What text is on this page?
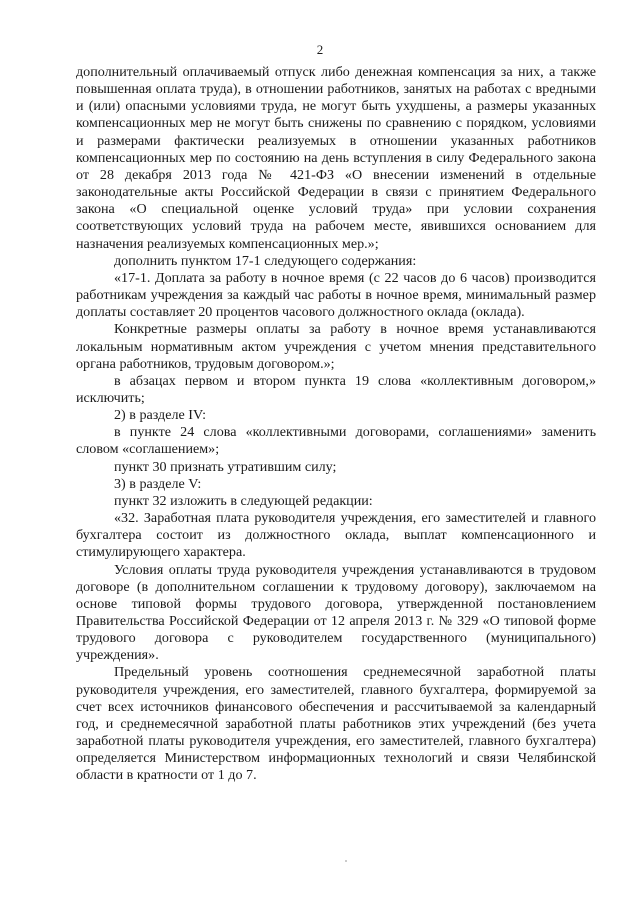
2

дополнительный оплачиваемый отпуск либо денежная компенсация за них, а также повышенная оплата труда), в отношении работников, занятых на работах с вредными и (или) опасными условиями труда, не могут быть ухудшены, а размеры указанных компенсационных мер не могут быть снижены по сравнению с порядком, условиями и размерами фактически реализуемых в отношении указанных работников компенсационных мер по состоянию на день вступления в силу Федерального закона от 28 декабря 2013 года № 421-ФЗ «О внесении изменений в отдельные законодательные акты Российской Федерации в связи с принятием Федерального закона «О специальной оценке условий труда» при условии сохранения соответствующих условий труда на рабочем месте, явившихся основанием для назначения реализуемых компенсационных мер.»;

дополнить пунктом 17-1 следующего содержания:

«17-1. Доплата за работу в ночное время (с 22 часов до 6 часов) производится работникам учреждения за каждый час работы в ночное время, минимальный размер доплаты составляет 20 процентов часового должностного оклада (оклада).

Конкретные размеры оплаты за работу в ночное время устанавливаются локальным нормативным актом учреждения с учетом мнения представительного органа работников, трудовым договором.»;

в абзацах первом и втором пункта 19 слова «коллективным договором,» исключить;

2) в разделе IV:

в пункте 24 слова «коллективными договорами, соглашениями» заменить словом «соглашением»;

пункт 30 признать утратившим силу;

3) в разделе V:

пункт 32 изложить в следующей редакции:

«32. Заработная плата руководителя учреждения, его заместителей и главного бухгалтера состоит из должностного оклада, выплат компенсационного и стимулирующего характера.

Условия оплаты труда руководителя учреждения устанавливаются в трудовом договоре (в дополнительном соглашении к трудовому договору), заключаемом на основе типовой формы трудового договора, утвержденной постановлением Правительства Российской Федерации от 12 апреля 2013 г. № 329 «О типовой форме трудового договора с руководителем государственного (муниципального) учреждения».

Предельный уровень соотношения среднемесячной заработной платы руководителя учреждения, его заместителей, главного бухгалтера, формируемой за счет всех источников финансового обеспечения и рассчитываемой за календарный год, и среднемесячной заработной платы работников этих учреждений (без учета заработной платы руководителя учреждения, его заместителей, главного бухгалтера) определяется Министерством информационных технологий и связи Челябинской области в кратности от 1 до 7.
